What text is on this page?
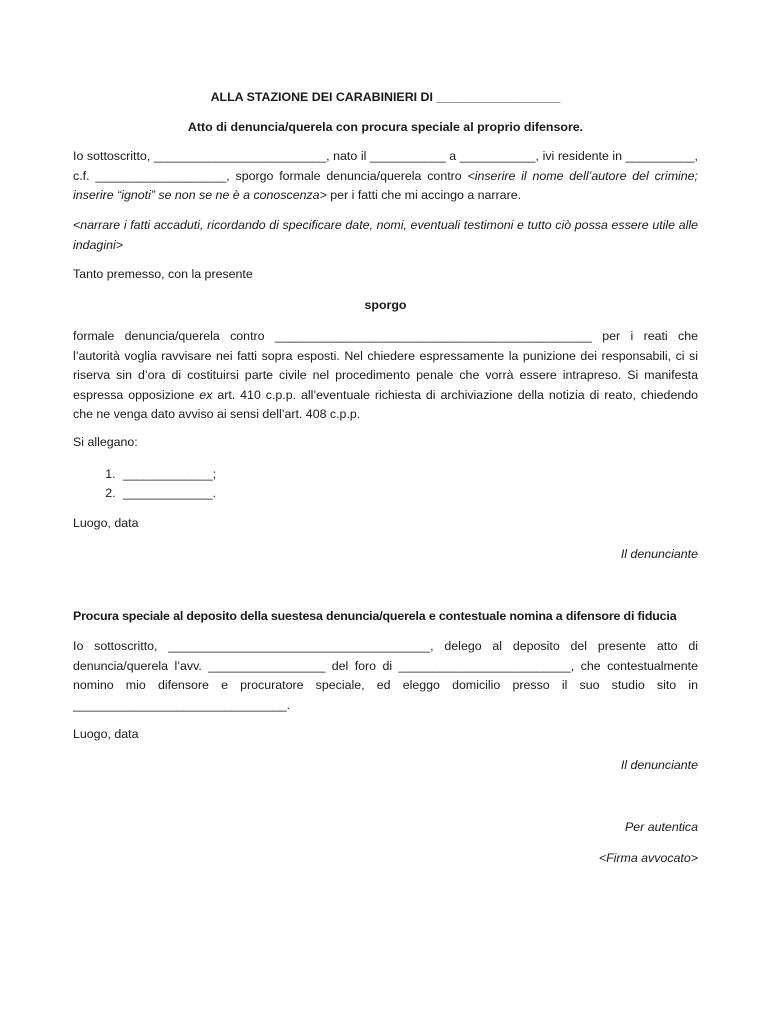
ALLA STAZIONE DEI CARABINIERI DI __________________

Atto di denuncia/querela con procura speciale al proprio difensore.

Io sottoscritto, _________________________, nato il ___________ a ___________, ivi residente in __________, c.f. ___________________, sporgo formale denuncia/querela contro <inserire il nome dell’autore del crimine; inserire “ignoti” se non se ne è a conoscenza> per i fatti che mi accingo a narrare.

<narrare i fatti accaduti, ricordando di specificare date, nomi, eventuali testimoni e tutto ciò possa essere utile alle indagini>

Tanto premesso, con la presente

sporgo

formale denuncia/querela contro ______________________________________________ per i reati che l’autorità voglia ravvisare nei fatti sopra esposti. Nel chiedere espressamente la punizione dei responsabili, ci si riserva sin d’ora di costituirsi parte civile nel procedimento penale che vorrà essere intrapreso. Si manifesta espressa opposizione ex art. 410 c.p.p. all’eventuale richiesta di archiviazione della notizia di reato, chiedendo che ne venga dato avviso ai sensi dell’art. 408 c.p.p.

Si allegano:

1. _____________;
2. _____________.

Luogo, data

Il denunciante

Procura speciale al deposito della suestesa denuncia/querela e contestuale nomina a difensore di fiducia

Io sottoscritto, ______________________________________, delego al deposito del presente atto di denuncia/querela l’avv. _________________ del foro di _________________________, che contestualmente nomino mio difensore e procuratore speciale, ed eleggo domicilio presso il suo studio sito in _______________________________.

Luogo, data

Il denunciante

Per autentica

<Firma avvocato>
